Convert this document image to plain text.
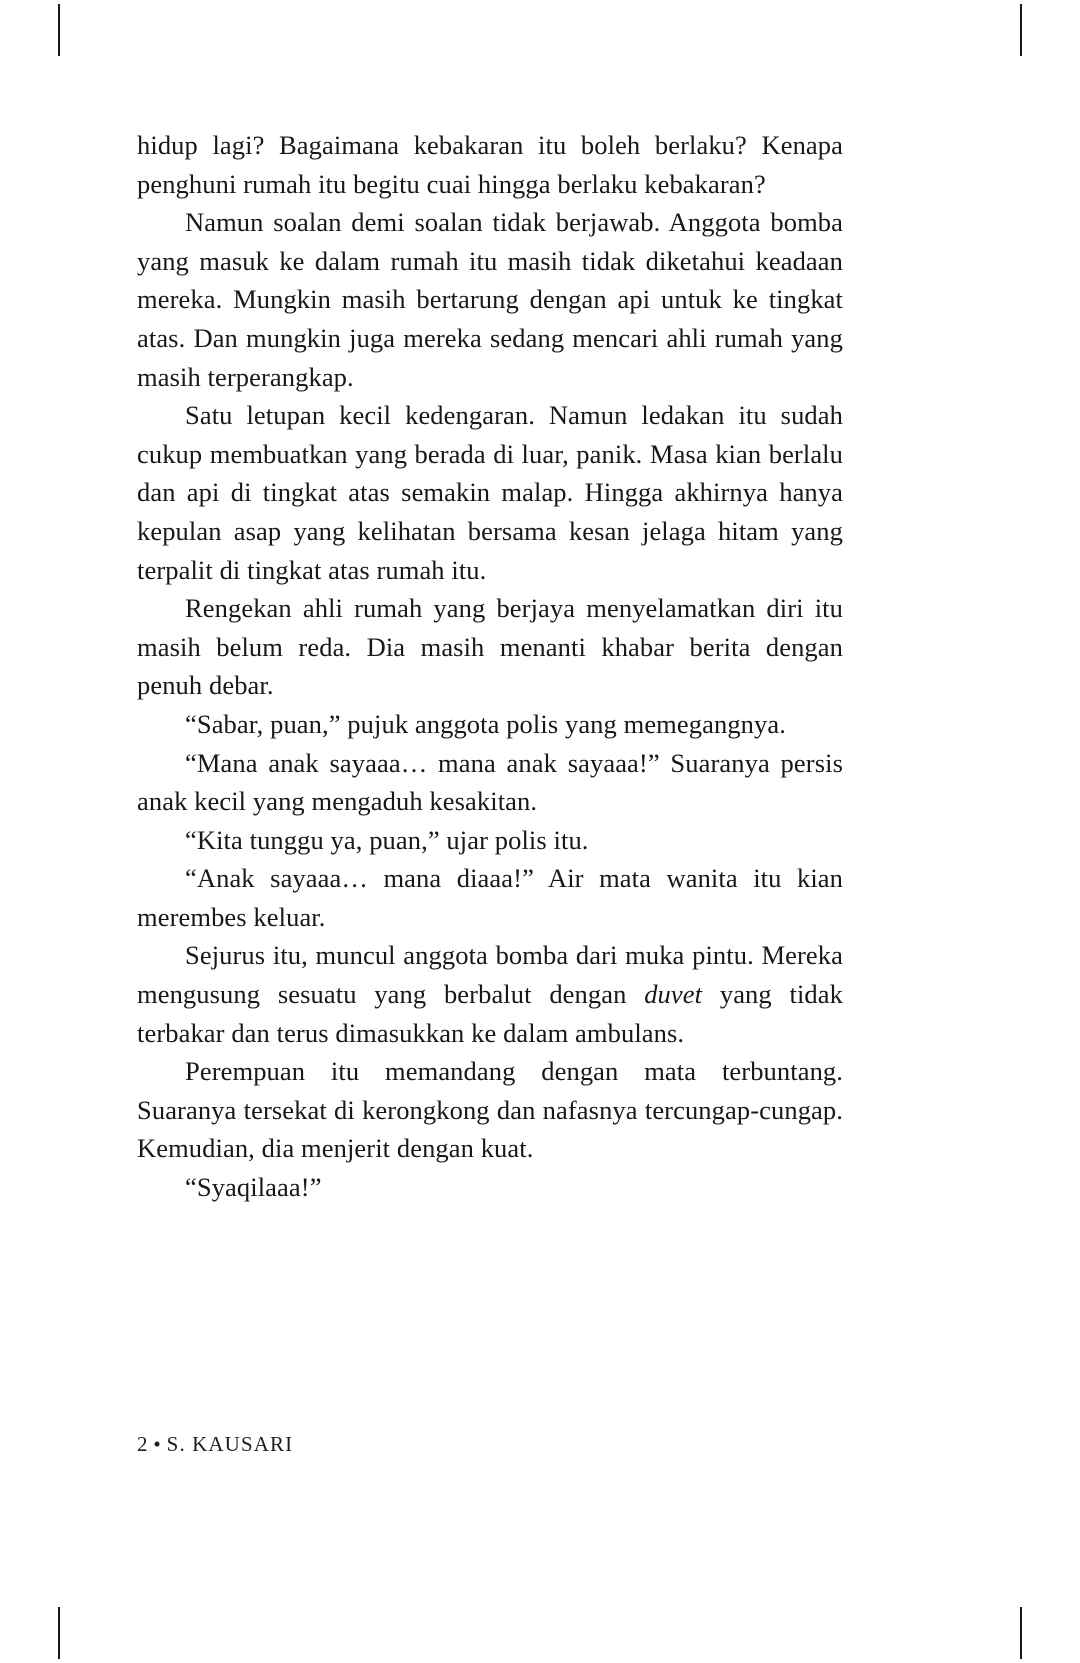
hidup lagi? Bagaimana kebakaran itu boleh berlaku? Kenapa penghuni rumah itu begitu cuai hingga berlaku kebakaran?

Namun soalan demi soalan tidak berjawab. Anggota bomba yang masuk ke dalam rumah itu masih tidak diketahui keadaan mereka. Mungkin masih bertarung dengan api untuk ke tingkat atas. Dan mungkin juga mereka sedang mencari ahli rumah yang masih terperangkap.

Satu letupan kecil kedengaran. Namun ledakan itu sudah cukup membuatkan yang berada di luar, panik. Masa kian berlalu dan api di tingkat atas semakin malap. Hingga akhirnya hanya kepulan asap yang kelihatan bersama kesan jelaga hitam yang terpalit di tingkat atas rumah itu.

Rengekan ahli rumah yang berjaya menyelamatkan diri itu masih belum reda. Dia masih menanti khabar berita dengan penuh debar.

“Sabar, puan,” pujuk anggota polis yang memegangnya.

“Mana anak sayaaa… mana anak sayaaa!” Suaranya persis anak kecil yang mengaduh kesakitan.

“Kita tunggu ya, puan,” ujar polis itu.

“Anak sayaaa… mana diaaa!” Air mata wanita itu kian merembes keluar.

Sejurus itu, muncul anggota bomba dari muka pintu. Mereka mengusung sesuatu yang berbalut dengan duvet yang tidak terbakar dan terus dimasukkan ke dalam ambulans.

Perempuan itu memandang dengan mata terbuntang. Suaranya tersekat di kerongkong dan nafasnya tercungap-cungap. Kemudian, dia menjerit dengan kuat.

“Syaqilaaa!”

2 • S. KAUSARI
